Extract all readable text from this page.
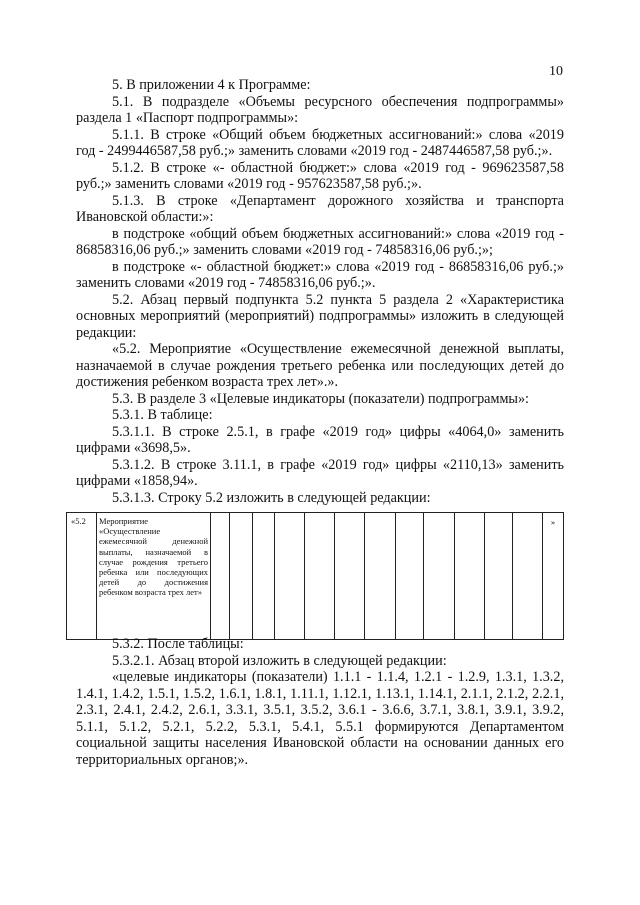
10

5. В приложении 4 к Программе:

5.1. В подразделе «Объемы ресурсного обеспечения подпрограммы» раздела 1 «Паспорт подпрограммы»:

5.1.1. В строке «Общий объем бюджетных ассигнований:» слова «2019 год - 2499446587,58 руб.;» заменить словами «2019 год - 2487446587,58 руб.;».

5.1.2. В строке «- областной бюджет:» слова «2019 год - 969623587,58 руб.;» заменить словами «2019 год - 957623587,58 руб.;».

5.1.3. В строке «Департамент дорожного хозяйства и транспорта Ивановской области:»:

в подстроке «общий объем бюджетных ассигнований:» слова «2019 год - 86858316,06 руб.;» заменить словами «2019 год - 74858316,06 руб.;»;

в подстроке «- областной бюджет:» слова «2019 год - 86858316,06 руб.;» заменить словами «2019 год - 74858316,06 руб.;».

5.2. Абзац первый подпункта 5.2 пункта 5 раздела 2 «Характеристика основных мероприятий (мероприятий) подпрограммы» изложить в следующей редакции:

«5.2. Мероприятие «Осуществление ежемесячной денежной выплаты, назначаемой в случае рождения третьего ребенка или последующих детей до достижения ребенком возраста трех лет».».

5.3. В разделе 3 «Целевые индикаторы (показатели) подпрограммы»:

5.3.1. В таблице:

5.3.1.1. В строке 2.5.1, в графе «2019 год» цифры «4064,0» заменить цифрами «3698,5».

5.3.1.2. В строке 3.11.1, в графе «2019 год» цифры «2110,13» заменить цифрами «1858,94».

5.3.1.3. Строку 5.2 изложить в следующей редакции:

«5.2	Мероприятие «Осуществление ежемесячной денежной выплаты, назначаемой в случае рождения третьего ребенка или последующих детей до достижения ребенком возраста трех лет»													»

5.3.2. После таблицы:

5.3.2.1. Абзац второй изложить в следующей редакции:

«целевые индикаторы (показатели) 1.1.1 - 1.1.4, 1.2.1 - 1.2.9, 1.3.1, 1.3.2, 1.4.1, 1.4.2, 1.5.1, 1.5.2, 1.6.1, 1.8.1, 1.11.1, 1.12.1, 1.13.1, 1.14.1, 2.1.1, 2.1.2, 2.2.1, 2.3.1, 2.4.1, 2.4.2, 2.6.1, 3.3.1, 3.5.1, 3.5.2, 3.6.1 - 3.6.6, 3.7.1, 3.8.1, 3.9.1, 3.9.2, 5.1.1, 5.1.2, 5.2.1, 5.2.2, 5.3.1, 5.4.1, 5.5.1 формируются Департаментом социальной защиты населения Ивановской области на основании данных его территориальных органов;».
